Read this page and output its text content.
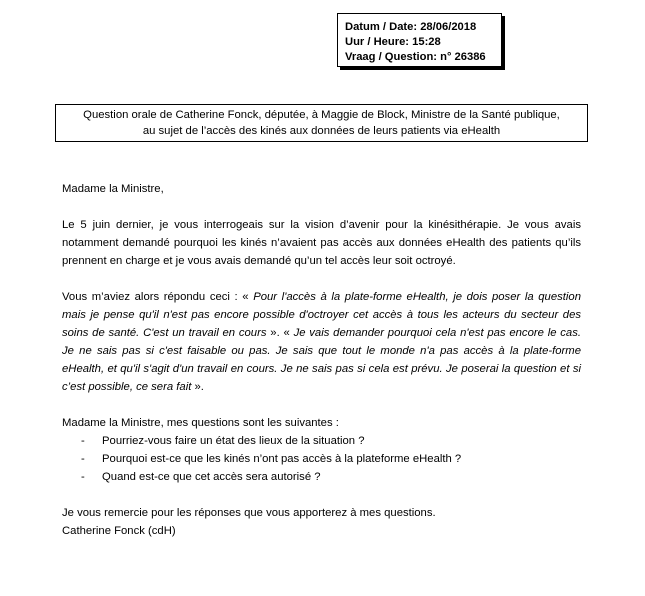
Datum / Date: 28/06/2018
Uur / Heure: 15:28
Vraag / Question: n° 26386
Question orale de Catherine Fonck, députée, à Maggie de Block, Ministre de la Santé publique,
au sujet de l’accès des kinés aux données de leurs patients via eHealth

Madame la Ministre,

Le 5 juin dernier, je vous interrogeais sur la vision d’avenir pour la kinésithérapie. Je vous avais notamment demandé pourquoi les kinés n’avaient pas accès aux données eHealth des patients qu’ils prennent en charge et je vous avais demandé qu’un tel accès leur soit octroyé.

Vous m’aviez alors répondu ceci : « Pour l'accès à la plate-forme eHealth, je dois poser la question mais je pense qu'il n'est pas encore possible d'octroyer cet accès à tous les acteurs du secteur des soins de santé. C'est un travail en cours ». « Je vais demander pourquoi cela n'est pas encore le cas. Je ne sais pas si c'est faisable ou pas. Je sais que tout le monde n'a pas accès à la plate-forme eHealth, et qu'il s'agit d'un travail en cours. Je ne sais pas si cela est prévu. Je poserai la question et si c’est possible, ce sera fait ».

Madame la Ministre, mes questions sont les suivantes :

- Pourriez-vous faire un état des lieux de la situation ?
- Pourquoi est-ce que les kinés n’ont pas accès à la plateforme eHealth ?
- Quand est-ce que cet accès sera autorisé ?

Je vous remercie pour les réponses que vous apporterez à mes questions.

Catherine Fonck (cdH)
